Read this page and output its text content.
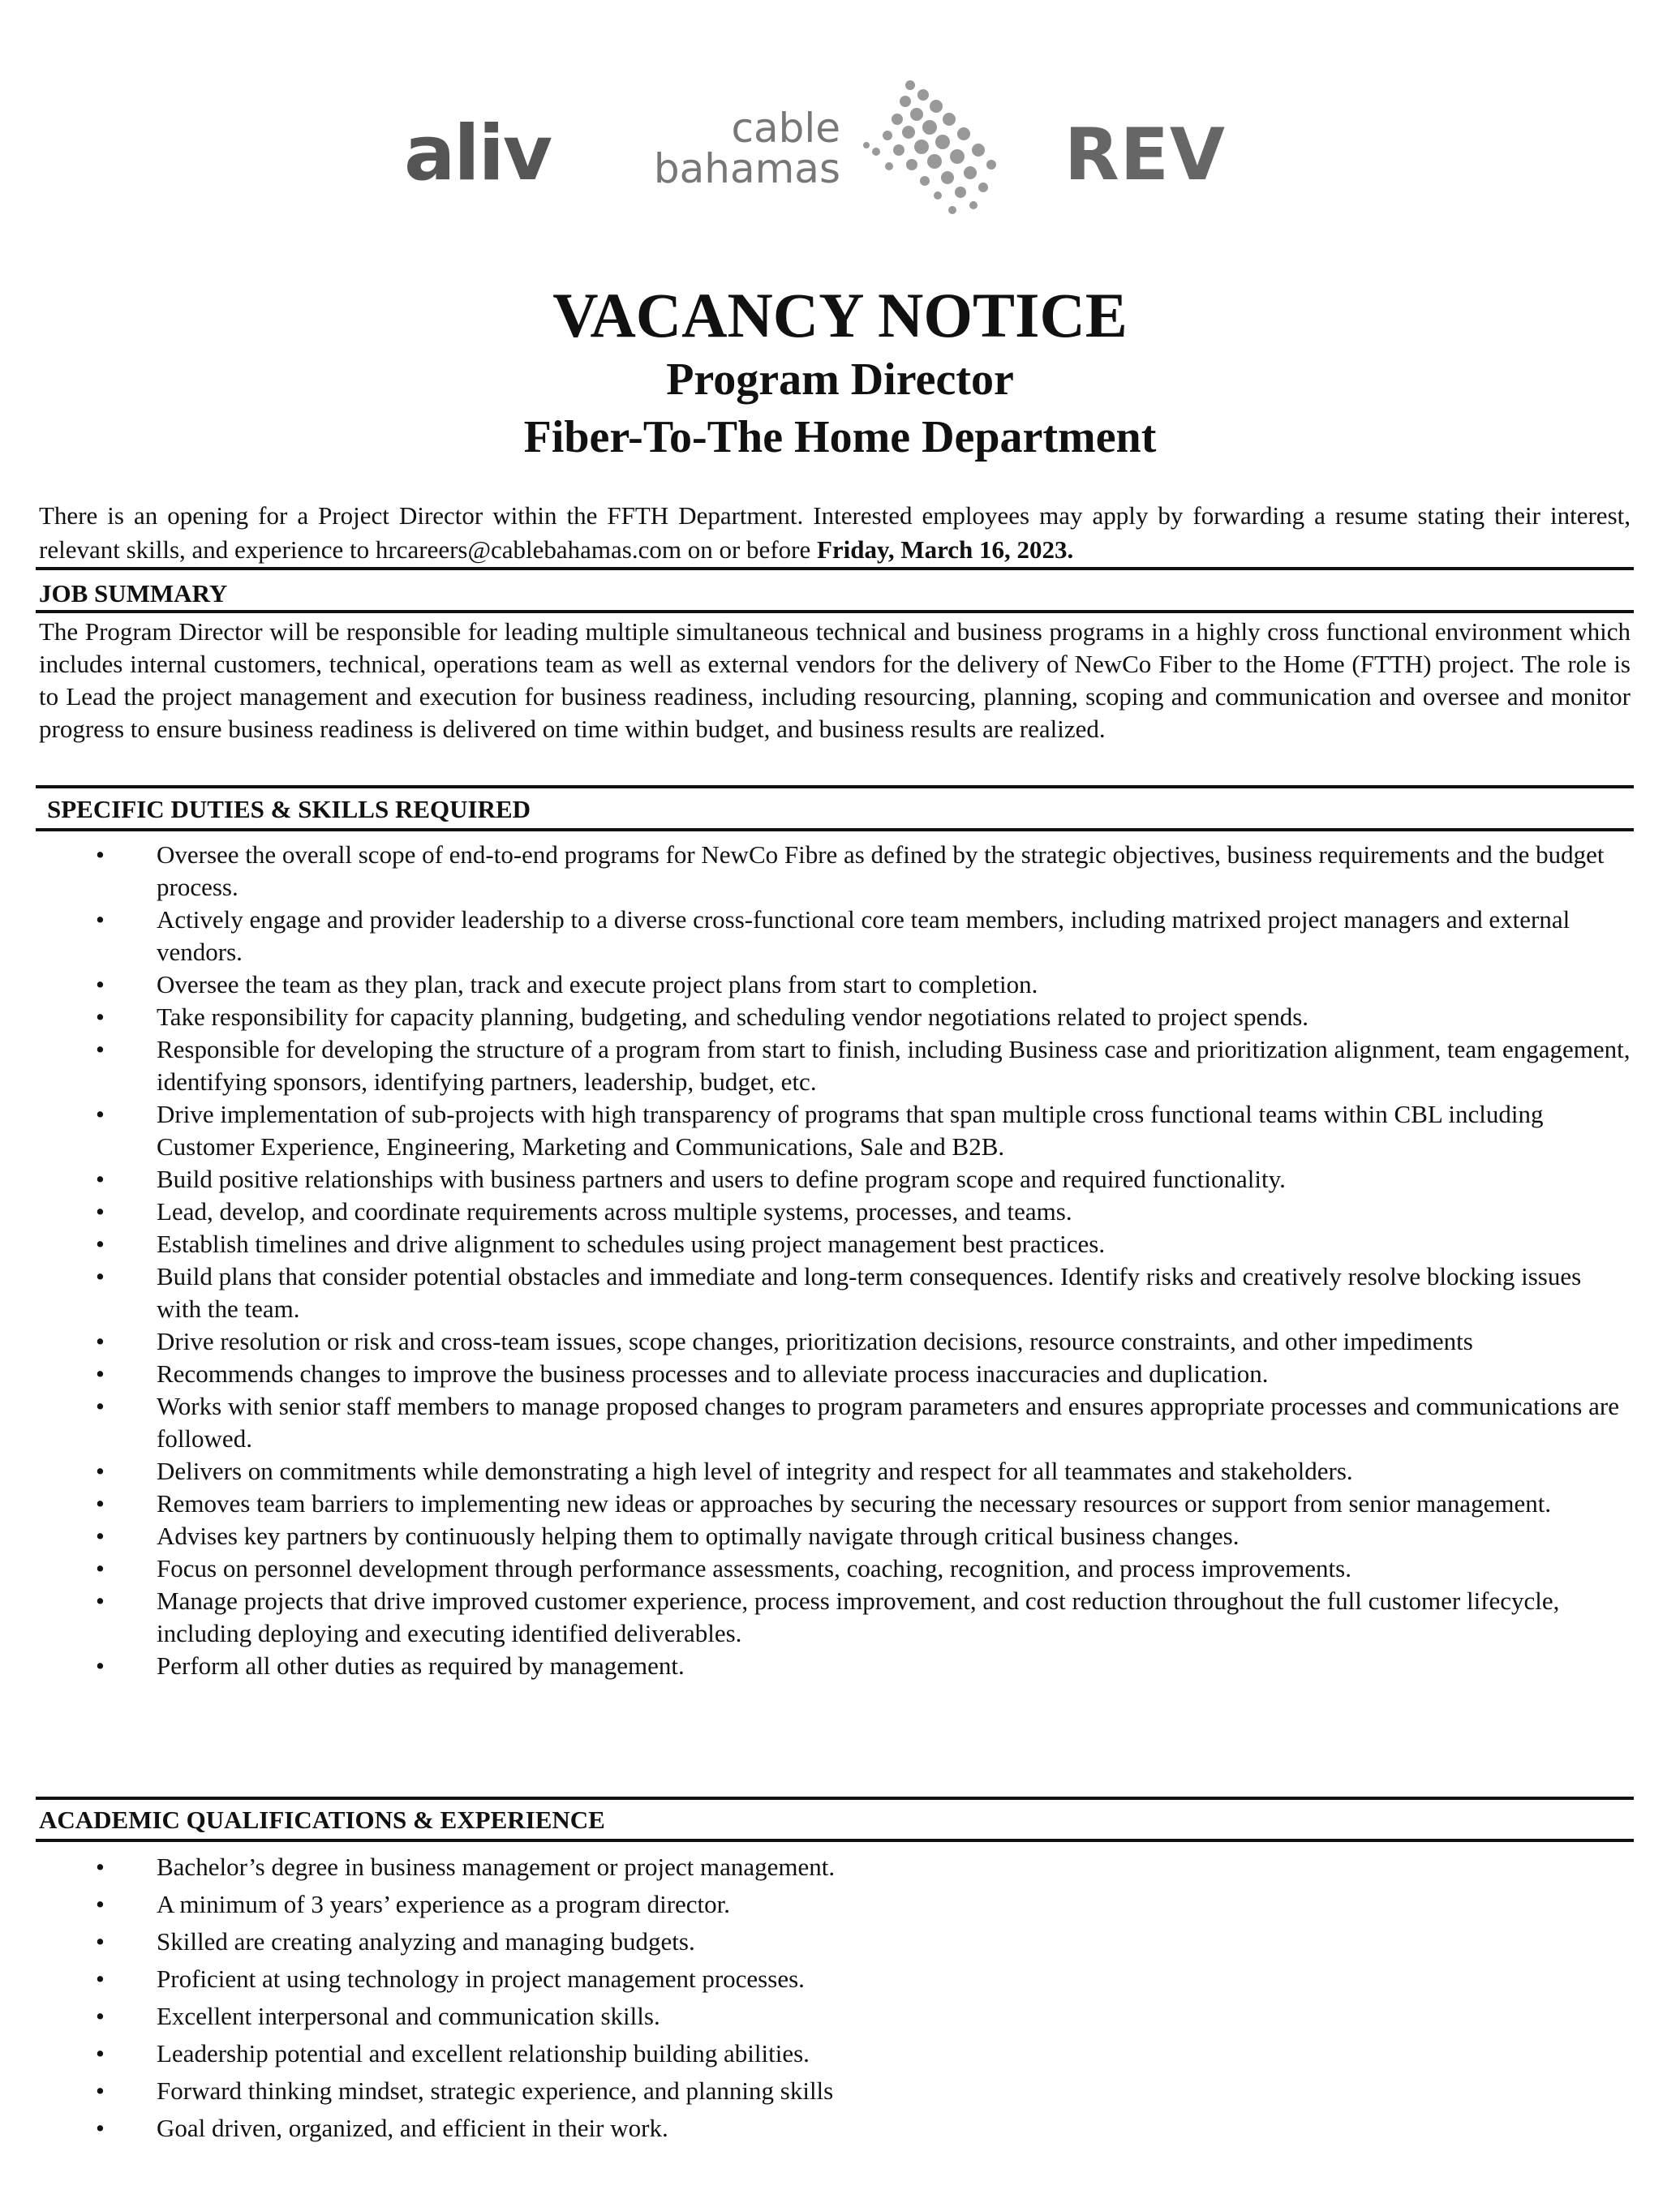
aliv	cable
bahamas	REV
VACANCY NOTICE
Program Director
Fiber-To-The Home Department
There is an opening for a Project Director within the FFTH Department. Interested employees may apply by forwarding a resume stating their interest, relevant skills, and experience to hrcareers@cablebahamas.com on or before Friday, March 16, 2023.
JOB SUMMARY
The Program Director will be responsible for leading multiple simultaneous technical and business programs in a highly cross functional environment which includes internal customers, technical, operations team as well as external vendors for the delivery of NewCo Fiber to the Home (FTTH) project. The role is to Lead the project management and execution for business readiness, including resourcing, planning, scoping and communication and oversee and monitor progress to ensure business readiness is delivered on time within budget, and business results are realized.
SPECIFIC DUTIES & SKILLS REQUIRED
• Oversee the overall scope of end-to-end programs for NewCo Fibre as defined by the strategic objectives, business requirements and the budget process.
• Actively engage and provider leadership to a diverse cross-functional core team members, including matrixed project managers and external vendors.
• Oversee the team as they plan, track and execute project plans from start to completion.
• Take responsibility for capacity planning, budgeting, and scheduling vendor negotiations related to project spends.
• Responsible for developing the structure of a program from start to finish, including Business case and prioritization alignment, team engagement, identifying sponsors, identifying partners, leadership, budget, etc.
• Drive implementation of sub-projects with high transparency of programs that span multiple cross functional teams within CBL including Customer Experience, Engineering, Marketing and Communications, Sale and B2B.
• Build positive relationships with business partners and users to define program scope and required functionality.
• Lead, develop, and coordinate requirements across multiple systems, processes, and teams.
• Establish timelines and drive alignment to schedules using project management best practices.
• Build plans that consider potential obstacles and immediate and long-term consequences. Identify risks and creatively resolve blocking issues with the team.
• Drive resolution or risk and cross-team issues, scope changes, prioritization decisions, resource constraints, and other impediments
• Recommends changes to improve the business processes and to alleviate process inaccuracies and duplication.
• Works with senior staff members to manage proposed changes to program parameters and ensures appropriate processes and communications are followed.
• Delivers on commitments while demonstrating a high level of integrity and respect for all teammates and stakeholders.
• Removes team barriers to implementing new ideas or approaches by securing the necessary resources or support from senior management.
• Advises key partners by continuously helping them to optimally navigate through critical business changes.
• Focus on personnel development through performance assessments, coaching, recognition, and process improvements.
• Manage projects that drive improved customer experience, process improvement, and cost reduction throughout the full customer lifecycle, including deploying and executing identified deliverables.
• Perform all other duties as required by management.
ACADEMIC QUALIFICATIONS & EXPERIENCE
• Bachelor’s degree in business management or project management.
• A minimum of 3 years’ experience as a program director.
• Skilled are creating analyzing and managing budgets.
• Proficient at using technology in project management processes.
• Excellent interpersonal and communication skills.
• Leadership potential and excellent relationship building abilities.
• Forward thinking mindset, strategic experience, and planning skills
• Goal driven, organized, and efficient in their work.
